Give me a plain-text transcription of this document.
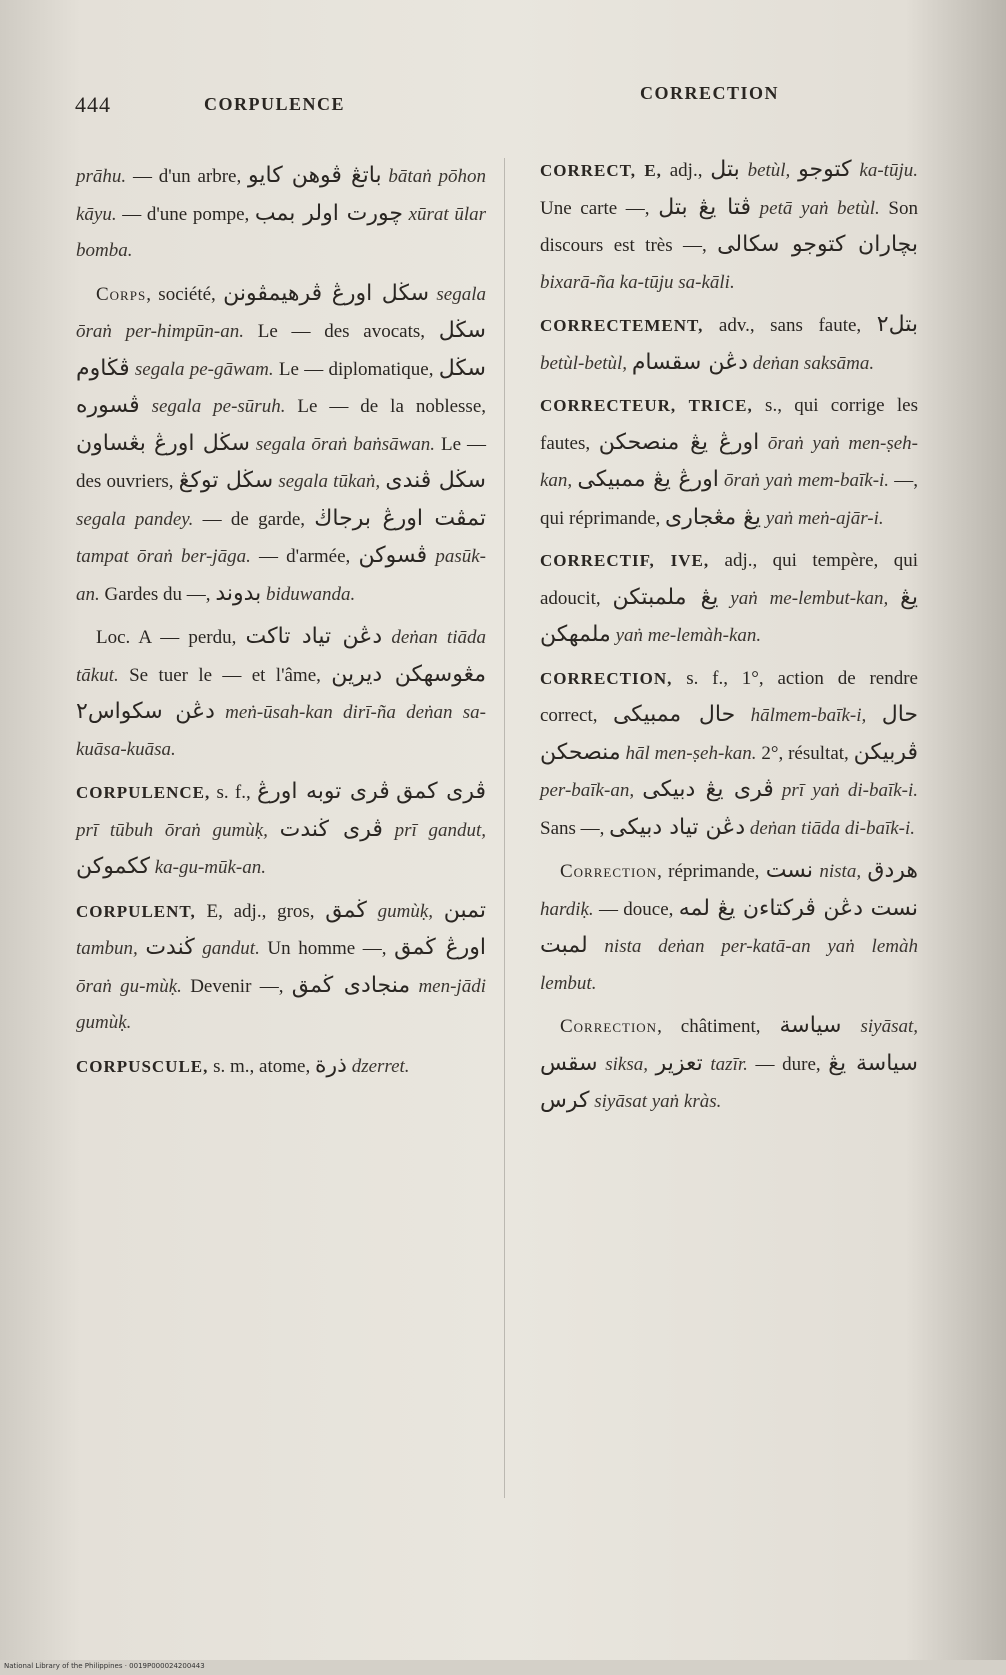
444	CORPULENCE
CORRECTION

prāhu. — d'un arbre, باتڠ ڤوهن كايو bātaṅ pōhon kāyu. — d'une pompe, چورت اولر بمب xūrat ūlar bomba.

Corps, société, سڬل اورڠ ڤرهيمڤونن segala ōraṅ per-himpūn-an. Le — des avocats, سڬل ڤڬاوم segala pe-gāwam. Le — diplomatique, سڬل ڤسوره segala pe-sūruh. Le — de la noblesse, سڬل اورڠ بڠساون segala ōraṅ baṅsāwan. Le — des ouvriers, سڬل توكڠ segala tūkaṅ, سڬل ڤندى segala pandey. — de garde, تمڤت اورڠ برجاڬ tampat ōraṅ ber-jāga. — d'armée, ڤسوكن pasūk-an. Gardes du —, بدوند biduwanda.

Loc. A — perdu, دڠن تياد تاكت deṅan tiāda tākut. Se tuer le — et l'âme, مڠوسهكن ديرين دڠن سكواس٢ meṅ-ūsah-kan dirī-ña deṅan sa-kuāsa-kuāsa.

CORPULENCE, s. f., ڤرى توبه اورڠ ڤرى كمق prī tūbuh ōraṅ gumùḳ, ڤرى ڬندت prī gandut, ككموكن ka-gu-mūk-an.

CORPULENT, E, adj., gros, ڬمق gumùḳ, تمبن tambun, ڬندت gandut. Un homme —, اورڠ ڬمق ōraṅ gu-mùḳ. Devenir —, منجادى ڬمق men-jādi gumùḳ.

CORPUSCULE, s. m., atome, ذرة dzerret.

CORRECT, E, adj., بتل betùl, كتوجو ka-tūju. Une carte —, ڤتا يڠ بتل petā yaṅ betùl. Son discours est très —, بچاران كتوجو سكالى bixarā-ña ka-tūju sa-kāli.

CORRECTEMENT, adv., sans faute, بتل٢ betùl-betùl, دڠن سقسام deṅan saksāma.

CORRECTEUR, TRICE, s., qui corrige les fautes, اورڠ يڠ منصحكن ōraṅ yaṅ men-ṣeh-kan, اورڠ يڠ ممبيكى ōraṅ yaṅ mem-baīk-i. —, qui réprimande, يڠ مڠجارى yaṅ meṅ-ajār-i.

CORRECTIF, IVE, adj., qui tempère, qui adoucit, يڠ ملمبتكن yaṅ me-lembut-kan, يڠ ملمهكن yaṅ me-lemàh-kan.

CORRECTION, s. f., 1°, action de rendre correct, حال ممبيكى hālmem-baīk-i, حال منصحكن hāl men-ṣeh-kan. 2°, résultat, ڤربيكن per-baīk-an, ڤرى يڠ دبيكى prī yaṅ di-baīk-i. Sans —, دڠن تياد دبيكى deṅan tiāda di-baīk-i.

Correction, réprimande, نست nista, هردق hardiḳ. — douce, نست دڠن ڤركتاءن يڠ لمه لمبت nista deṅan per-katā-an yaṅ lemàh lembut.

Correction, châtiment, سياسة siyāsat, سقس siksa, تعزير tazīr. — dure, سياسة يڠ كرس siyāsat yaṅ kràs.

National Library of the Philippines · 0019P000024200443
